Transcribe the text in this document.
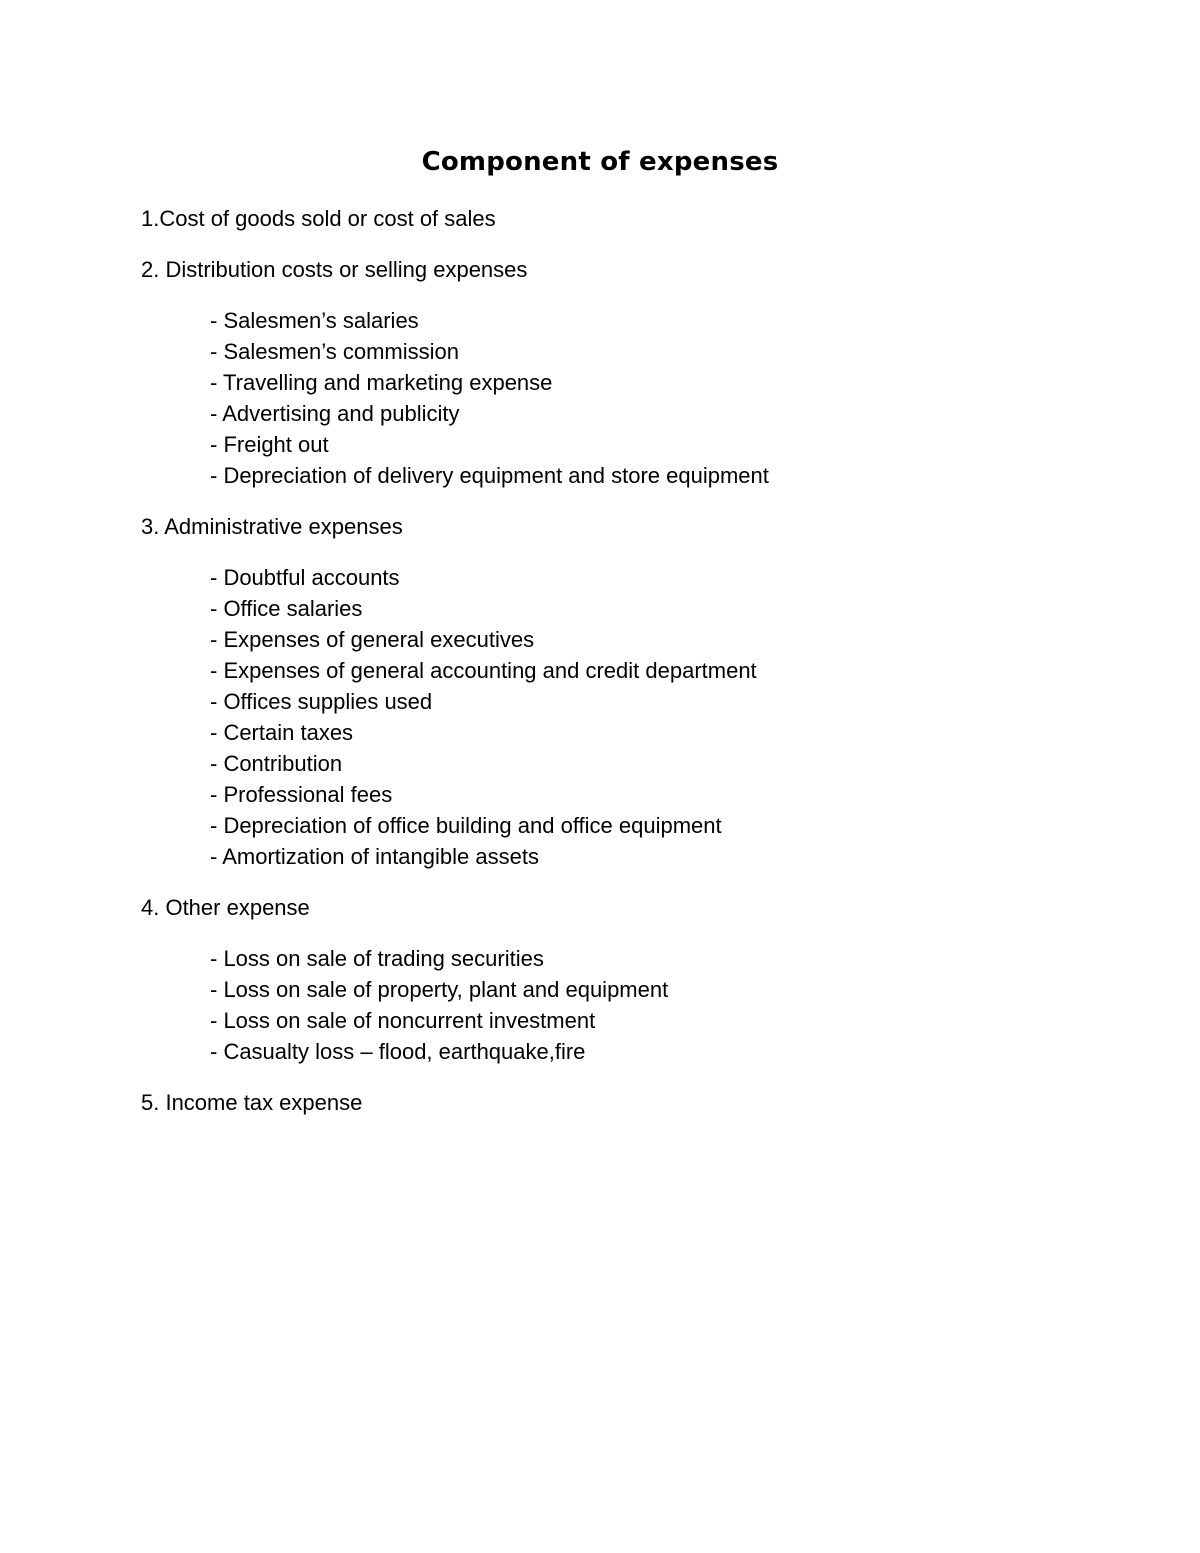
Component of expenses
1.Cost of goods sold or cost of sales
2. Distribution costs or selling expenses
- Salesmen’s salaries
- Salesmen’s commission
- Travelling and marketing expense
- Advertising and publicity
- Freight out
- Depreciation of delivery equipment and store equipment
3. Administrative expenses
- Doubtful accounts
- Office salaries
- Expenses of general executives
- Expenses of general accounting and credit department
- Offices supplies used
- Certain taxes
- Contribution
- Professional fees
- Depreciation of office building and office equipment
- Amortization of intangible assets
4. Other expense
- Loss on sale of trading securities
- Loss on sale of property, plant and equipment
- Loss on sale of noncurrent investment
- Casualty loss – flood, earthquake,fire
5. Income tax expense
